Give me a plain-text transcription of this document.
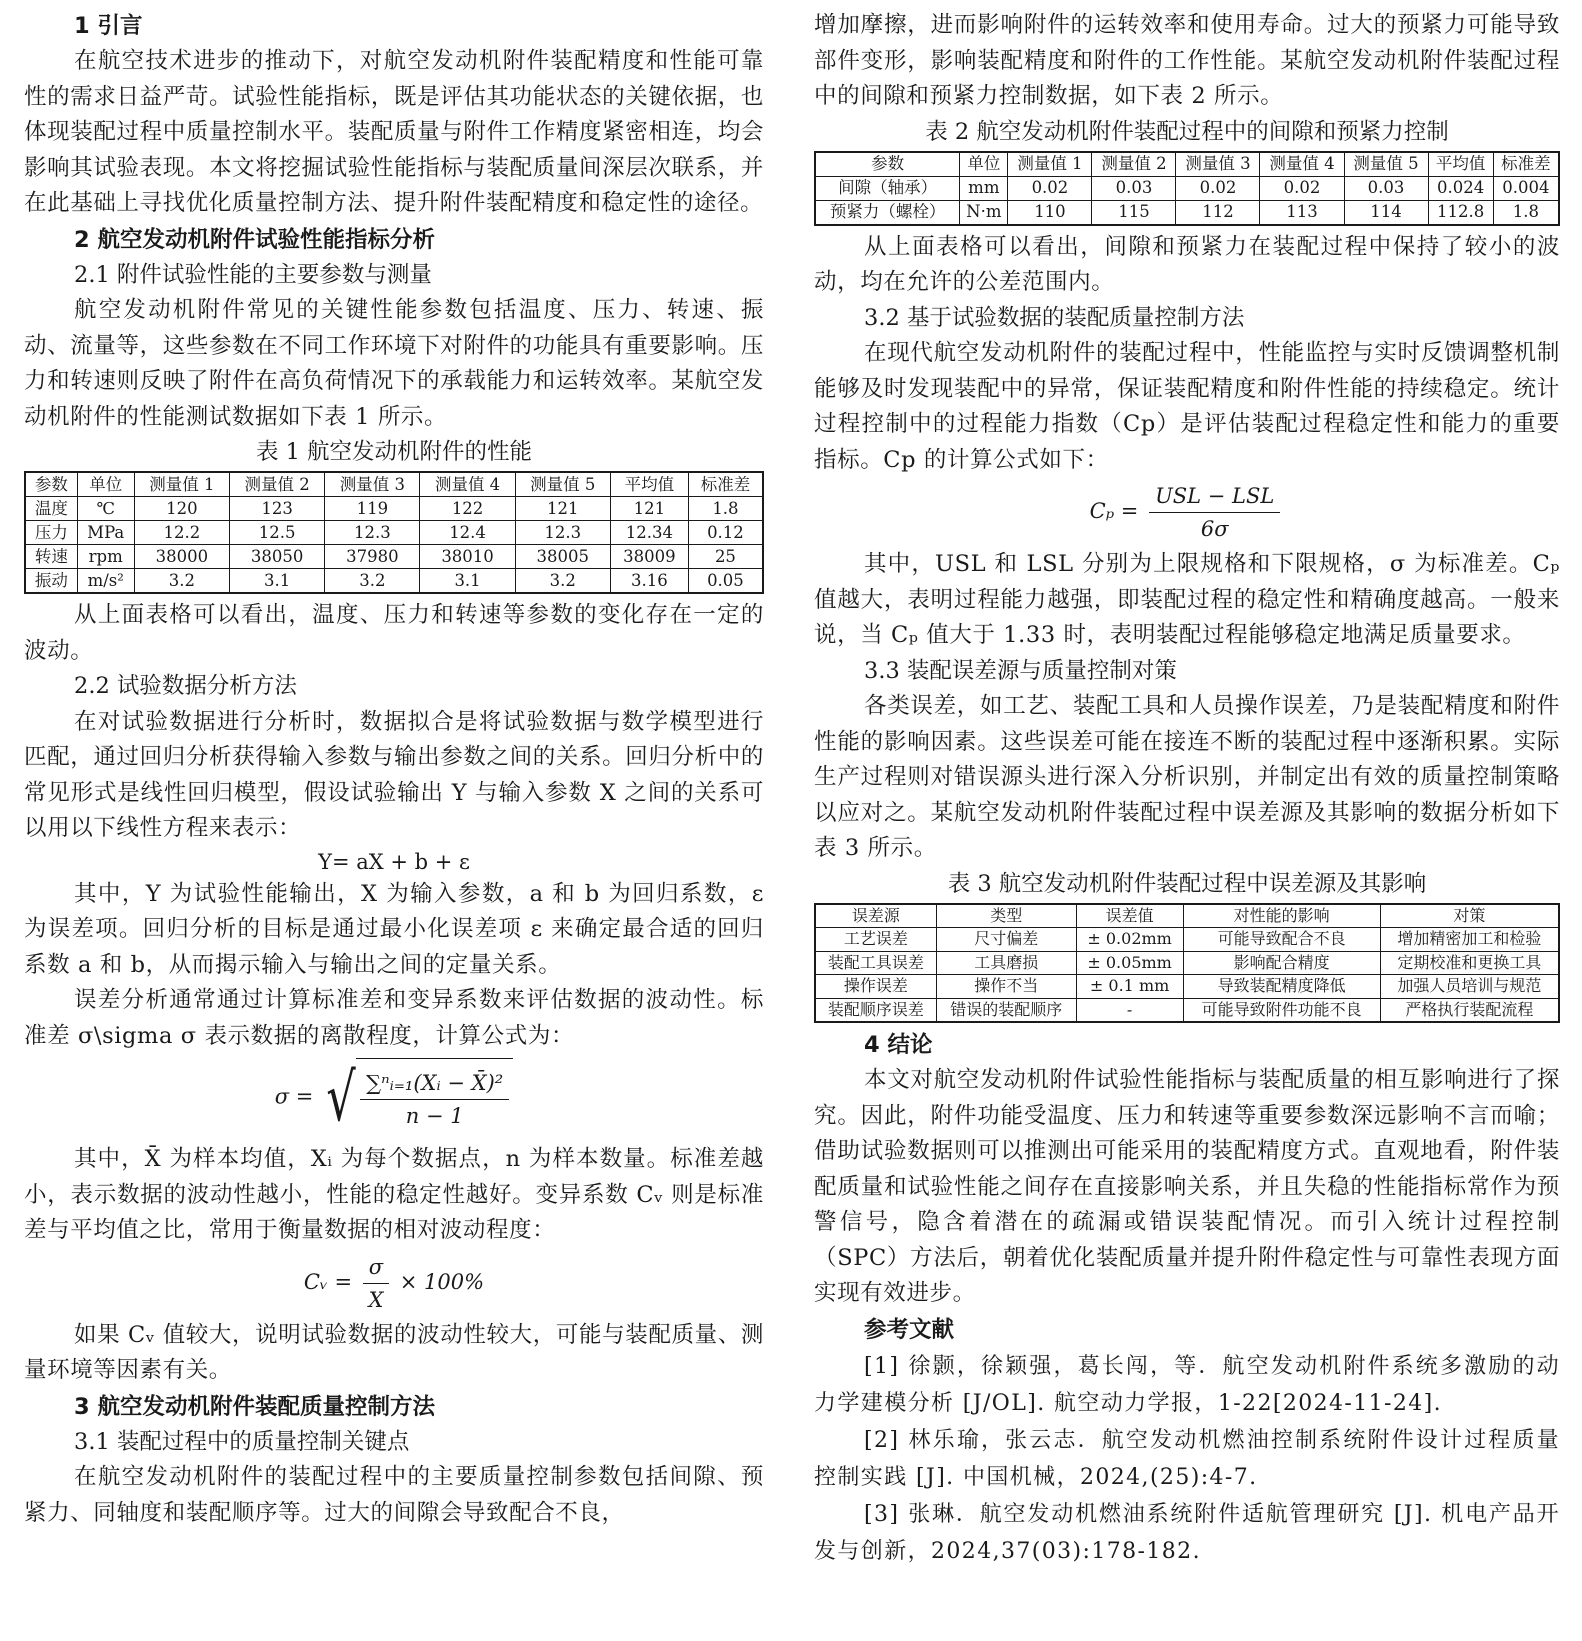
1 引言

在航空技术进步的推动下，对航空发动机附件装配精度和性能可靠性的需求日益严苛。试验性能指标，既是评估其功能状态的关键依据，也体现装配过程中质量控制水平。装配质量与附件工作精度紧密相连，均会影响其试验表现。本文将挖掘试验性能指标与装配质量间深层次联系，并在此基础上寻找优化质量控制方法、提升附件装配精度和稳定性的途径。

2 航空发动机附件试验性能指标分析
2.1 附件试验性能的主要参数与测量

航空发动机附件常见的关键性能参数包括温度、压力、转速、振动、流量等，这些参数在不同工作环境下对附件的功能具有重要影响。压力和转速则反映了附件在高负荷情况下的承载能力和运转效率。某航空发动机附件的性能测试数据如下表 1 所示。

表 1 航空发动机附件的性能
参数	单位	测量值 1	测量值 2	测量值 3	测量值 4	测量值 5	平均值	标准差
温度	℃	120	123	119	122	121	121	1.8
压力	MPa	12.2	12.5	12.3	12.4	12.3	12.34	0.12
转速	rpm	38000	38050	37980	38010	38005	38009	25
振动	m/s²	3.2	3.1	3.2	3.1	3.2	3.16	0.05

从上面表格可以看出，温度、压力和转速等参数的变化存在一定的波动。

2.2 试验数据分析方法

在对试验数据进行分析时，数据拟合是将试验数据与数学模型进行匹配，通过回归分析获得输入参数与输出参数之间的关系。回归分析中的常见形式是线性回归模型，假设试验输出 Y 与输入参数 X 之间的关系可以用以下线性方程来表示：

Y= aX + b + ε

其中，Y 为试验性能输出，X 为输入参数，a 和 b 为回归系数，ε 为误差项。回归分析的目标是通过最小化误差项 ε 来确定最合适的回归系数 a 和 b，从而揭示输入与输出之间的定量关系。

误差分析通常通过计算标准差和变异系数来评估数据的波动性。标准差 σ\sigma σ 表示数据的离散程度，计算公式为：

σ = √ $\frac{\text{∑ⁿᵢ₌₁(Xᵢ − X̄)²}}{n - 1}$

其中，X̄ 为样本均值，Xᵢ 为每个数据点，n 为样本数量。标准差越小，表示数据的波动性越小，性能的稳定性越好。变异系数 Cᵥ 则是标准差与平均值之比，常用于衡量数据的相对波动程度：

Cᵥ = $\frac{\sigma}{X} \times 100\%$

如果 Cᵥ 值较大，说明试验数据的波动性较大，可能与装配质量、测量环境等因素有关。

3 航空发动机附件装配质量控制方法
3.1 装配过程中的质量控制关键点

在航空发动机附件的装配过程中的主要质量控制参数包括间隙、预紧力、同轴度和装配顺序等。过大的间隙会导致配合不良，

增加摩擦，进而影响附件的运转效率和使用寿命。过大的预紧力可能导致部件变形，影响装配精度和附件的工作性能。某航空发动机附件装配过程中的间隙和预紧力控制数据，如下表 2 所示。

表 2 航空发动机附件装配过程中的间隙和预紧力控制
参数	单位	测量值 1	测量值 2	测量值 3	测量值 4	测量值 5	平均值	标准差
间隙（轴承）	mm	0.02	0.03	0.02	0.02	0.03	0.024	0.004
预紧力（螺栓）	N·m	110	115	112	113	114	112.8	1.8

从上面表格可以看出，间隙和预紧力在装配过程中保持了较小的波动，均在允许的公差范围内。

3.2 基于试验数据的装配质量控制方法

在现代航空发动机附件的装配过程中，性能监控与实时反馈调整机制能够及时发现装配中的异常，保证装配精度和附件性能的持续稳定。统计过程控制中的过程能力指数（Cp）是评估装配过程稳定性和能力的重要指标。Cp 的计算公式如下：

$C_p = \frac{\text{USL − LSL}}{6\sigma}$

其中，USL 和 LSL 分别为上限规格和下限规格，σ 为标准差。Cₚ 值越大，表明过程能力越强，即装配过程的稳定性和精确度越高。一般来说，当 Cₚ 值大于 1.33 时，表明装配过程能够稳定地满足质量要求。

3.3 装配误差源与质量控制对策

各类误差，如工艺、装配工具和人员操作误差，乃是装配精度和附件性能的影响因素。这些误差可能在接连不断的装配过程中逐渐积累。实际生产过程则对错误源头进行深入分析识别，并制定出有效的质量控制策略以应对之。某航空发动机附件装配过程中误差源及其影响的数据分析如下表 3 所示。

表 3 航空发动机附件装配过程中误差源及其影响
误差源	类型	误差值	对性能的影响	对策
工艺误差	尺寸偏差	± 0.02mm	可能导致配合不良	增加精密加工和检验
装配工具误差	工具磨损	± 0.05mm	影响配合精度	定期校准和更换工具
操作误差	操作不当	± 0.1 mm	导致装配精度降低	加强人员培训与规范
装配顺序误差	错误的装配顺序	-	可能导致附件功能不良	严格执行装配流程
4 结论

本文对航空发动机附件试验性能指标与装配质量的相互影响进行了探究。因此，附件功能受温度、压力和转速等重要参数深远影响不言而喻；借助试验数据则可以推测出可能采用的装配精度方式。直观地看，附件装配质量和试验性能之间存在直接影响关系，并且失稳的性能指标常作为预警信号，隐含着潜在的疏漏或错误装配情况。而引入统计过程控制（SPC）方法后，朝着优化装配质量并提升附件稳定性与可靠性表现方面实现有效进步。

参考文献

[1] 徐颢，徐颖强，葛长闯，等．航空发动机附件系统多激励的动力学建模分析 [J/OL]. 航空动力学报，1-22[2024-11-24].

[2] 林乐瑜，张云志．航空发动机燃油控制系统附件设计过程质量控制实践 [J]. 中国机械，2024,(25):4-7.

[3] 张琳．航空发动机燃油系统附件适航管理研究 [J]. 机电产品开发与创新，2024,37(03):178-182.
